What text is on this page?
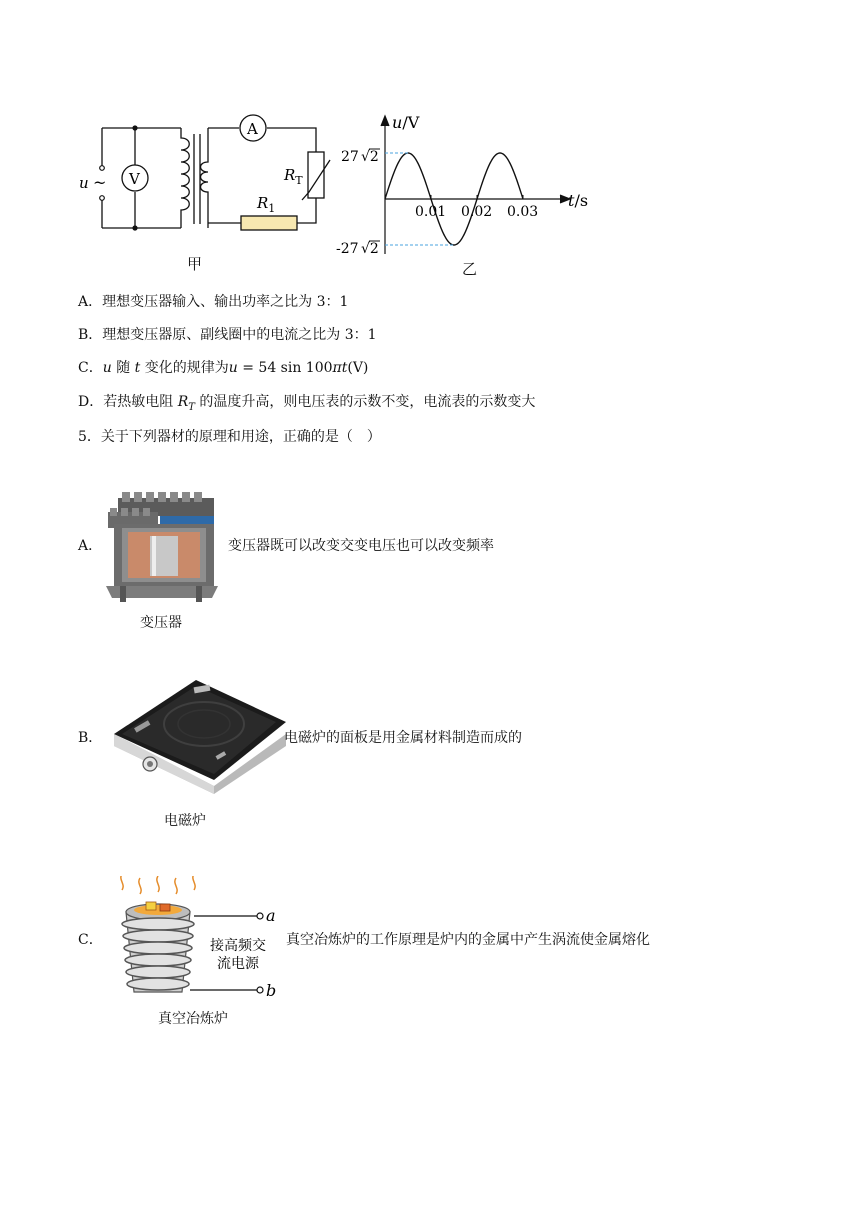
u ~ V
A
$R_T$
$R_1$
甲
0.01 0.02 0.03
u/V
t/s
27 √2
-27 √2
乙
A．理想变压器输入、输出功率之比为 3：1
B．理想变压器原、副线圈中的电流之比为 3：1
C．u 随 t 变化的规律为u = 54 sin 100πt(V)
D．若热敏电阻 $R_T$ 的温度升高，则电压表的示数不变，电流表的示数变大
5．关于下列器材的原理和用途，正确的是（　）
A．
变压器
变压器既可以改变交变电压也可以改变频率
B．
电磁炉
电磁炉的面板是用金属材料制造而成的
C．
a
b
接高频交
流电源
真空冶炼炉
真空冶炼炉的工作原理是炉内的金属中产生涡流使金属熔化
